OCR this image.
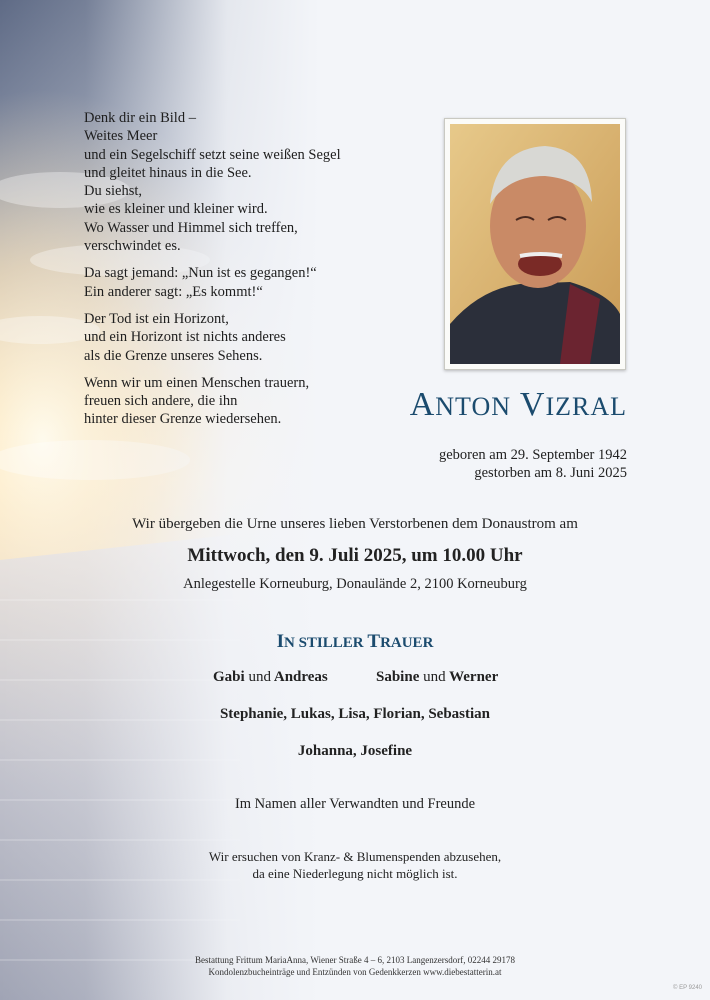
Denk dir ein Bild –
Weites Meer
und ein Segelschiff setzt seine weißen Segel
und gleitet hinaus in die See.
Du siehst,
wie es kleiner und kleiner wird.
Wo Wasser und Himmel sich treffen,
verschwindet es.

Da sagt jemand: „Nun ist es gegangen!“
Ein anderer sagt: „Es kommt!“

Der Tod ist ein Horizont,
und ein Horizont ist nichts anderes
als die Grenze unseres Sehens.

Wenn wir um einen Menschen trauern,
freuen sich andere, die ihn
hinter dieser Grenze wiedersehen.	ANTON VIZRAL
geboren am 29. September 1942
gestorben am 8. Juni 2025
Wir übergeben die Urne unseres lieben Verstorbenen dem Donaustrom am
Mittwoch, den 9. Juli 2025, um 10.00 Uhr
Anlegestelle Korneuburg, Donaulände 2, 2100 Korneuburg
IN STILLER TRAUER
Gabi und Andreas	Sabine und Werner
Stephanie, Lukas, Lisa, Florian, Sebastian
Johanna, Josefine
Im Namen aller Verwandten und Freunde
Wir ersuchen von Kranz- & Blumenspenden abzusehen,
da eine Niederlegung nicht möglich ist.
Bestattung Frittum MariaAnna, Wiener Straße 4 – 6, 2103 Langenzersdorf, 02244 29178
Kondolenzbucheinträge und Entzünden von Gedenkkerzen www.diebestatterin.at
© EP 9240
